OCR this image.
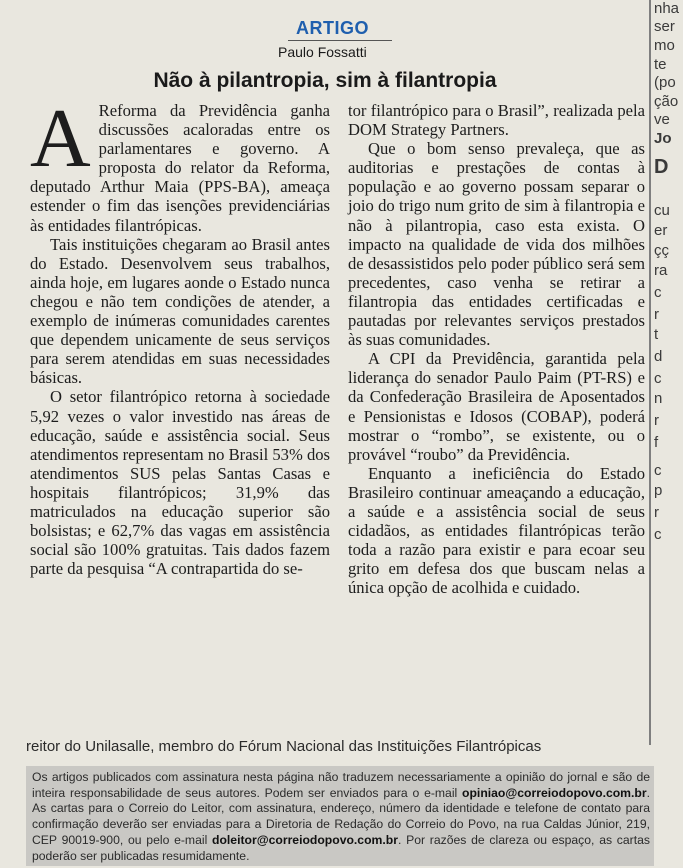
nha
ser
mo
te
(po
ção
ve
Jo
D
cu
er
çç
ra
c
r
t
d
c
n
r
f
c
p
r
c
ARTIGO
Paulo Fossatti
Não à pilantropia, sim à filantropia

A Reforma da Previdência ganha discussões acaloradas entre os parlamentares e governo. A proposta do relator da Reforma, deputado Arthur Maia (PPS-BA), ameaça estender o fim das isenções previdenciárias às entidades filantrópicas.

Tais instituições chegaram ao Brasil antes do Estado. Desenvolvem seus trabalhos, ainda hoje, em lugares aonde o Estado nunca chegou e não tem condições de atender, a exemplo de inúmeras comunidades carentes que dependem unicamente de seus serviços para serem atendidas em suas necessidades básicas.

O setor filantrópico retorna à sociedade 5,92 vezes o valor investido nas áreas de educação, saúde e assistência social. Seus atendimentos representam no Brasil 53% dos atendimentos SUS pelas Santas Casas e hospitais filantrópicos; 31,9% das matriculados na educação superior são bolsistas; e 62,7% das vagas em assistência social são 100% gratuitas. Tais dados fazem parte da pesquisa “A contrapartida do se-

tor filantrópico para o Brasil”, realizada pela DOM Strategy Partners.

Que o bom senso prevaleça, que as auditorias e prestações de contas à população e ao governo possam separar o joio do trigo num grito de sim à filantropia e não à pilantropia, caso esta exista. O impacto na qualidade de vida dos milhões de desassistidos pelo poder público será sem precedentes, caso venha se retirar a filantropia das entidades certificadas e pautadas por relevantes serviços prestados às suas comunidades.

A CPI da Previdência, garantida pela liderança do senador Paulo Paim (PT-RS) e da Confederação Brasileira de Aposentados e Pensionistas e Idosos (COBAP), poderá mostrar o “rombo”, se existente, ou o provável “roubo” da Previdência.

Enquanto a ineficiência do Estado Brasileiro continuar ameaçando a educação, a saúde e a assistência social de seus cidadãos, as entidades filantrópicas terão toda a razão para existir e para ecoar seu grito em defesa dos que buscam nelas a única opção de acolhida e cuidado.

reitor do Unilasalle, membro do Fórum Nacional das Instituições Filantrópicas
Os artigos publicados com assinatura nesta página não traduzem necessariamente a opinião do jornal e são de inteira responsabilidade de seus autores. Podem ser enviados para o e-mail opiniao@correiodopovo.com.br. As cartas para o Correio do Leitor, com assinatura, endereço, número da identidade e telefone de contato para confirmação deverão ser enviadas para a Diretoria de Redação do Correio do Povo, na rua Caldas Júnior, 219, CEP 90019-900, ou pelo e-mail doleitor@correiodopovo.com.br. Por razões de clareza ou espaço, as cartas poderão ser publicadas resumidamente.
